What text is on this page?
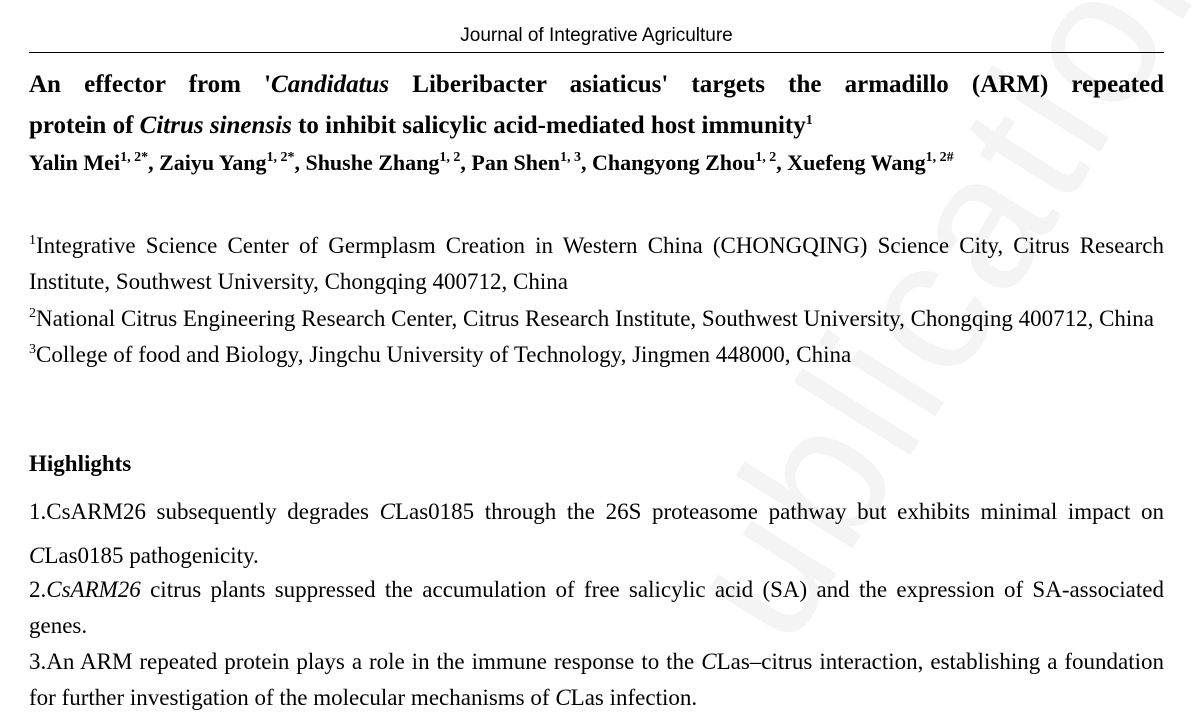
Journal of Integrative Agriculture
An effector from 'Candidatus Liberibacter asiaticus' targets the armadillo (ARM) repeated
protein of Citrus sinensis to inhibit salicylic acid-mediated host immunity$^1$
Yalin Mei$^{1, 2*}$, Zaiyu Yang$^{1, 2*}$, Shushe Zhang$^{1, 2}$, Pan Shen$^{1, 3}$, Changyong Zhou$^{1, 2}$, Xuefeng Wang$^{1, 2\#}$

$^1$Integrative Science Center of Germplasm Creation in Western China (CHONGQING) Science City, Citrus Research Institute, Southwest University, Chongqing 400712, China

$^2$National Citrus Engineering Research Center, Citrus Research Institute, Southwest University, Chongqing 400712, China

$^3$College of food and Biology, Jingchu University of Technology, Jingmen 448000, China

Highlights

1.CsARM26 subsequently degrades CLas0185 through the 26S proteasome pathway but exhibits minimal impact on CLas0185 pathogenicity.

2.CsARM26 citrus plants suppressed the accumulation of free salicylic acid (SA) and the expression of SA-associated genes.

3.An ARM repeated protein plays a role in the immune response to the CLas–citrus interaction, establishing a foundation for further investigation of the molecular mechanisms of CLas infection.
